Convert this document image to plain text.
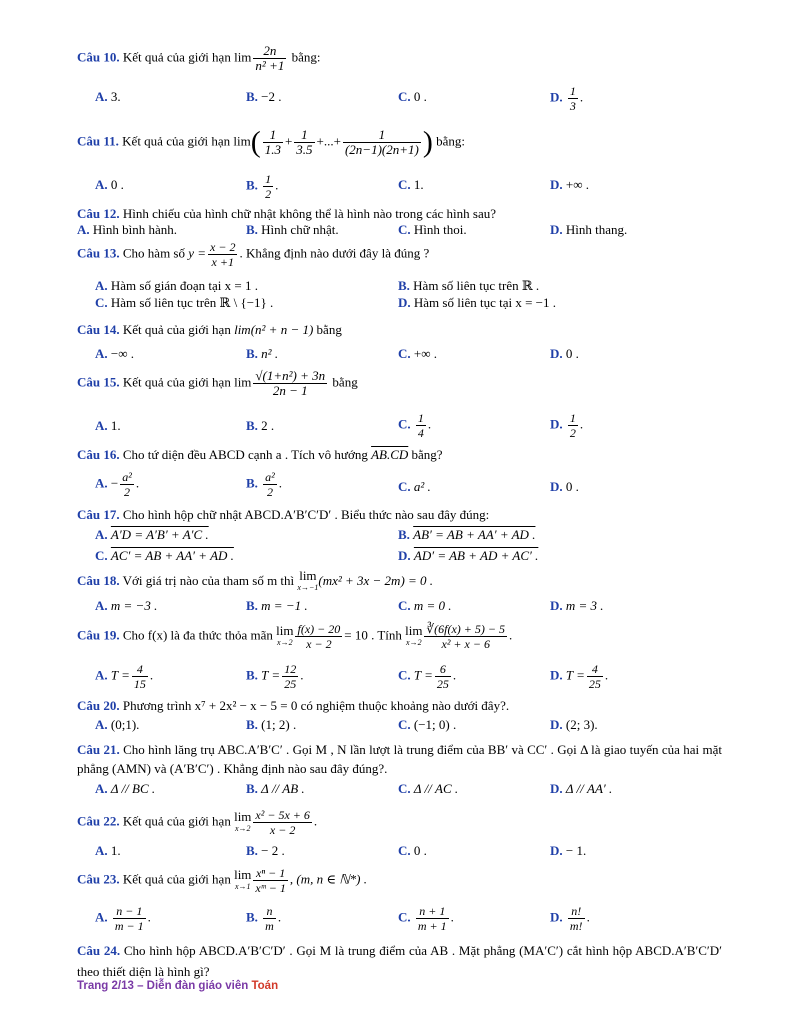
Câu 10. Kết quả của giới hạn $\lim \frac{2n}{\text{n² +1}}$ bằng:
A. 3.	B. −2 .	C. 0 .	D. $\frac{1}{3}$ .
Câu 11. Kết quả của giới hạn $\lim( \frac{1}{1.3} + \frac{1}{3.5}$ +...+ $\frac{1}{(2n-1)(2n+1)}$ ) bằng:
A. 0 .	B. $\frac{1}{2}$ .	C. 1.	D. +∞ .
Câu 12. Hình chiếu của hình chữ nhật không thể là hình nào trong các hình sau?
A. Hình bình hành.	B. Hình chữ nhật.	C. Hình thoi.	D. Hình thang.
Câu 13. Cho hàm số $y = \frac{x - 2}{x +1}$ . Khẳng định nào dưới đây là đúng ?
A. Hàm số gián đoạn tại x = 1 .	B. Hàm số liên tục trên ℝ .
C. Hàm số liên tục trên ℝ \ {−1} .	D. Hàm số liên tục tại x = −1 .
Câu 14. Kết quả của giới hạn lim(n² + n − 1) bằng
A. −∞ .	B. n² .	C. +∞ .	D. 0 .
Câu 15. Kết quả của giới hạn $\lim \frac{\text{√(1+n²) + 3n}}{2n - 1}$ bằng
A. 1.	B. 2 .	C. $\frac{1}{4}$ .	D. $\frac{1}{2}$ .
Câu 16. Cho tứ diện đều ABCD cạnh a . Tích vô hướng AB.CD bằng?
A. − $\frac{\text{a²}}{2}$ .	B. $\frac{\text{a²}}{2}$ .	C. a² .	D. 0 .
Câu 17. Cho hình hộp chữ nhật ABCD.A′B′C′D′ . Biểu thức nào sau đây đúng:
A. A′D = A′B′ + A′C .	B. AB′ = AB + AA′ + AD .
C. AC′ = AB + AA′ + AD .	D. AD′ = AB + AD + AC′ .
Câu 18. Với giá trị nào của tham số m thì lim
x→−1 (mx² + 3x − 2m) = 0 .
A. m = −3 .	B. m = −1 .	C. m = 0 .	D. m = 3 .
Câu 19. Cho f(x) là đa thức thỏa mãn lim
$x\to 2 \frac{f(x) - 20}{x - 2} = 10$ . Tính lim
$x\to 2 \frac{∛(6f(x) + 5) - 5}{\text{x² + x − 6}}$ .
A. $T = \frac{4}{15}$ .	B. $T = \frac{12}{25}$ .	C. $T = \frac{6}{25}$ .	D. $T = \frac{4}{25}$ .
Câu 20. Phương trình x⁷ + 2x² − x − 5 = 0 có nghiệm thuộc khoảng nào dưới đây?.
A. (0;1).	B. (1; 2) .	C. (−1; 0) .	D. (2; 3).
Câu 21. Cho hình lăng trụ ABC.A′B′C′ . Gọi M , N lần lượt là trung điểm của BB′ và CC′ . Gọi Δ là giao tuyến của hai mặt phẳng (AMN) và (A′B′C′) . Khẳng định nào sau đây đúng?.
A. Δ // BC .	B. Δ // AB .	C. Δ // AC .	D. Δ // AA′ .
Câu 22. Kết quả của giới hạn lim
$x\to 2 \frac{\text{x² − 5x + 6}}{x - 2}$ .
A. 1.	B. − 2 .	C. 0 .	D. − 1.
Câu 23. Kết quả của giới hạn lim
$x\to 1 \frac{\text{xⁿ − 1}}{\text{xᵐ − 1}}$ , (m, n ∈ ℕ*) .
A. $\frac{n - 1}{m - 1}$ .	B. $\frac{n}{m}$ .	C. $\frac{n + 1}{m + 1}$ .	D. $\frac{n!}{m!}$ .
Câu 24. Cho hình hộp ABCD.A′B′C′D′ . Gọi M là trung điểm của AB . Mặt phẳng (MA′C′) cắt hình hộp ABCD.A′B′C′D′ theo thiết diện là hình gì?
Trang 2/13 – Diễn đàn giáo viên Toán
